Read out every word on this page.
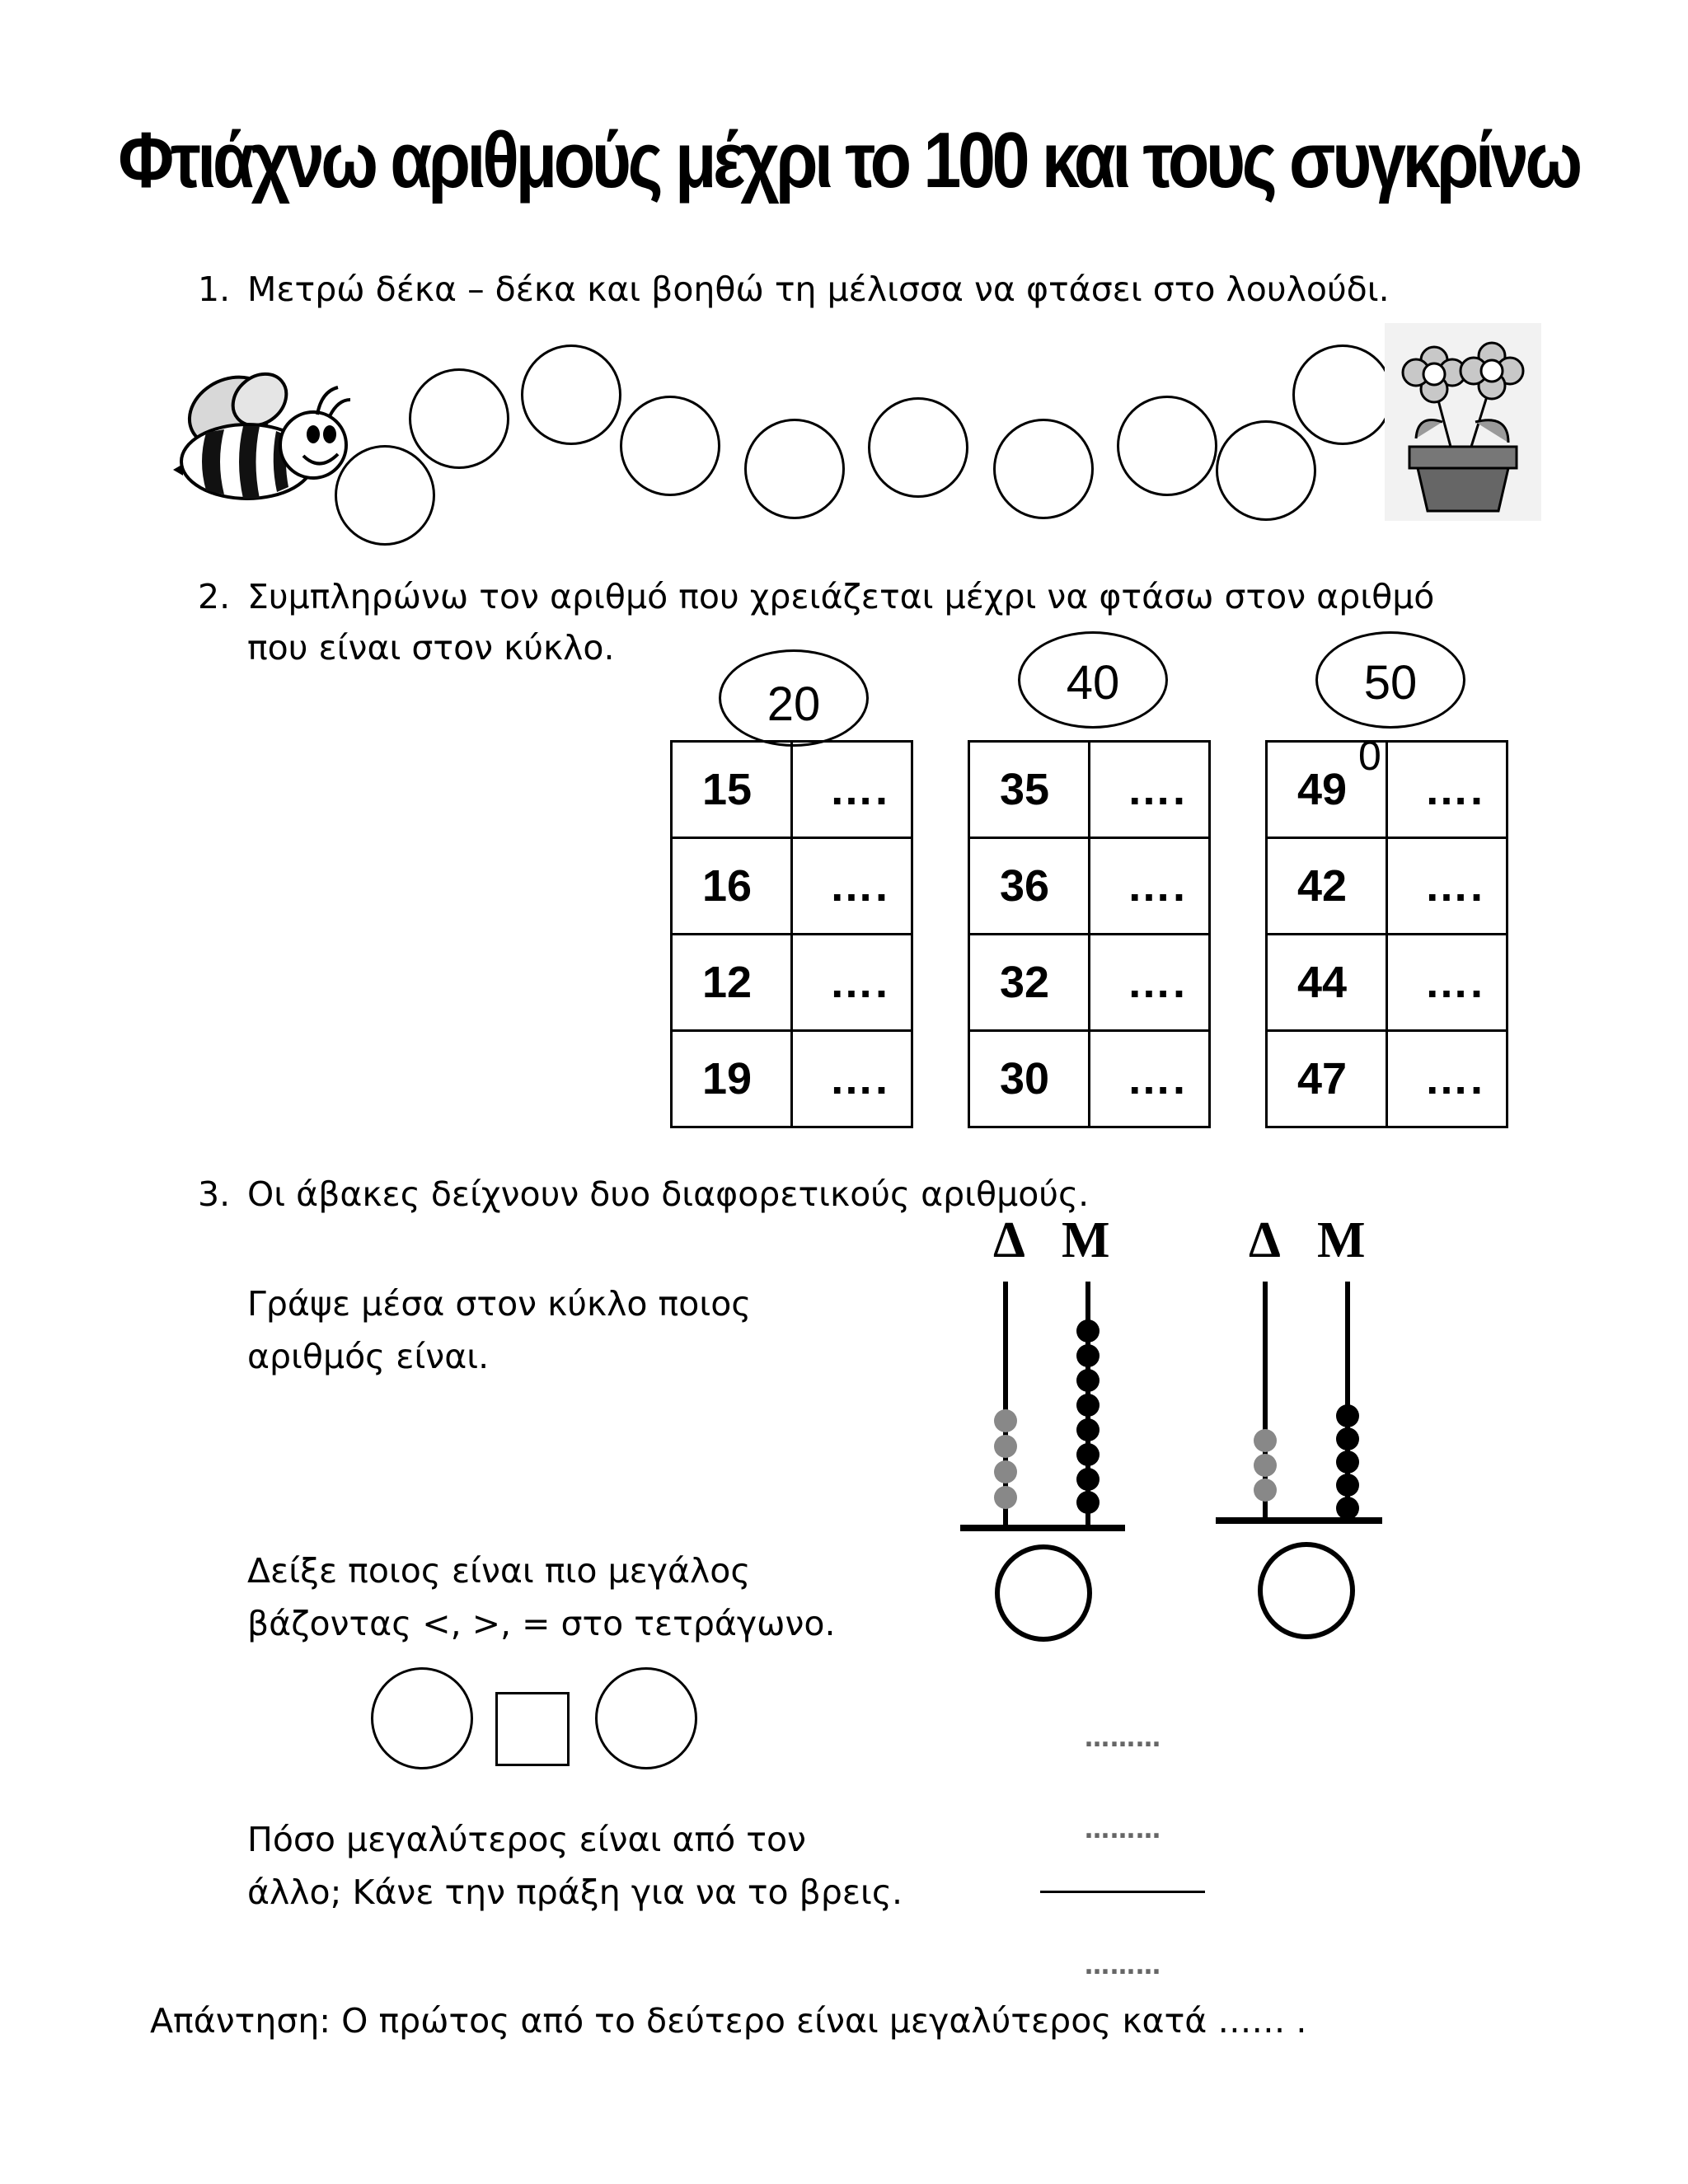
Φτιάχνω αριθμούς μέχρι το 100 και τους συγκρίνω
1. Μετρώ δέκα – δέκα και βοηθώ τη μέλισσα να φτάσει στο λουλούδι.
2. Συμπληρώνω τον αριθμό που χρειάζεται μέχρι να φτάσω στον αριθμό
που είναι στον κύκλο.
20
15	….
16	….
12	….
19	….
40
35	….
36	….
32	….
30	….
50
0
49	….
42	….
44	….
47	….
3. Οι άβακες δείχνουν δυο διαφορετικούς αριθμούς.
Γράψε μέσα στον κύκλο ποιος
αριθμός είναι.
Δείξε ποιος είναι πιο μεγάλος
βάζοντας <, >, = στο τετράγωνο.
Πόσο μεγαλύτερος είναι από τον
άλλο; Κάνε την πράξη για να το βρεις.
Δ Μ	Δ Μ
………
………
………
Απάντηση: Ο πρώτος από το δεύτερο είναι μεγαλύτερος κατά …… .
